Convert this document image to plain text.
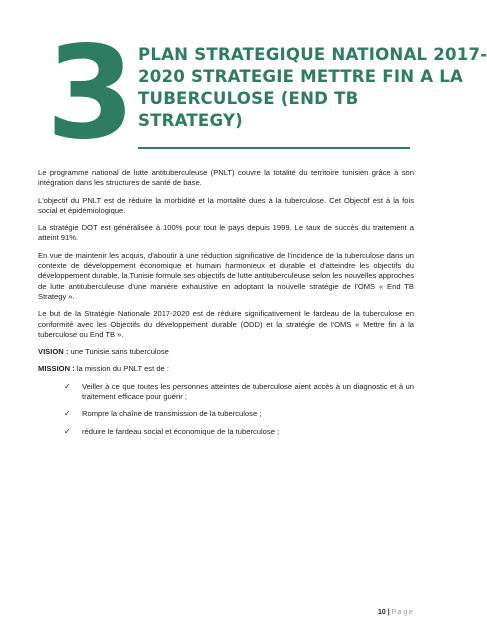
3 PLAN STRATEGIQUE NATIONAL 2017-
2020 STRATEGIE METTRE FIN A LA
TUBERCULOSE (END TB
STRATEGY)

Le programme national de lutte antituberculeuse (PNLT) couvre la totalité du territoire tunisien grâce à son intégration dans les structures de santé de base.

L'objectif du PNLT est de réduire la morbidité et la mortalité dues à la tuberculose. Cet Objectif est à la fois social et épidémiologique.

La stratégie DOT est généralisée à 100% pour tout le pays depuis 1999. Le taux de succès du traitement a atteint 91%.

En vue de maintenir les acquis, d'aboutir à une réduction significative de l'incidence de la tuberculose dans un contexte de développement économique et humain harmonieux et durable et d'atteindre les objectifs du développement durable, la Tunisie formule ses objectifs de lutte antituberculeuse selon les nouvelles approches de lutte antituberculeuse d'une manière exhaustive en adoptant la nouvelle stratégie de l'OMS « End TB Strategy ».

Le but de la Stratégie Nationale 2017-2020 est de réduire significativement le fardeau de la tuberculose en conformité avec les Objectifs du développement durable (ODD) et la stratégie de l'OMS « Mettre fin à la tuberculose ou End TB ».

VISION : une Tunisie sans tuberculose

MISSION : la mission du PNLT est de :

✓ Veiller à ce que toutes les personnes atteintes de tuberculose aient accès à un diagnostic et à un traitement efficace pour guérir ;
✓ Rompre la chaîne de transmission de la tuberculose ;
✓ réduire le fardeau social et économique de la tuberculose ;
10 | Page
